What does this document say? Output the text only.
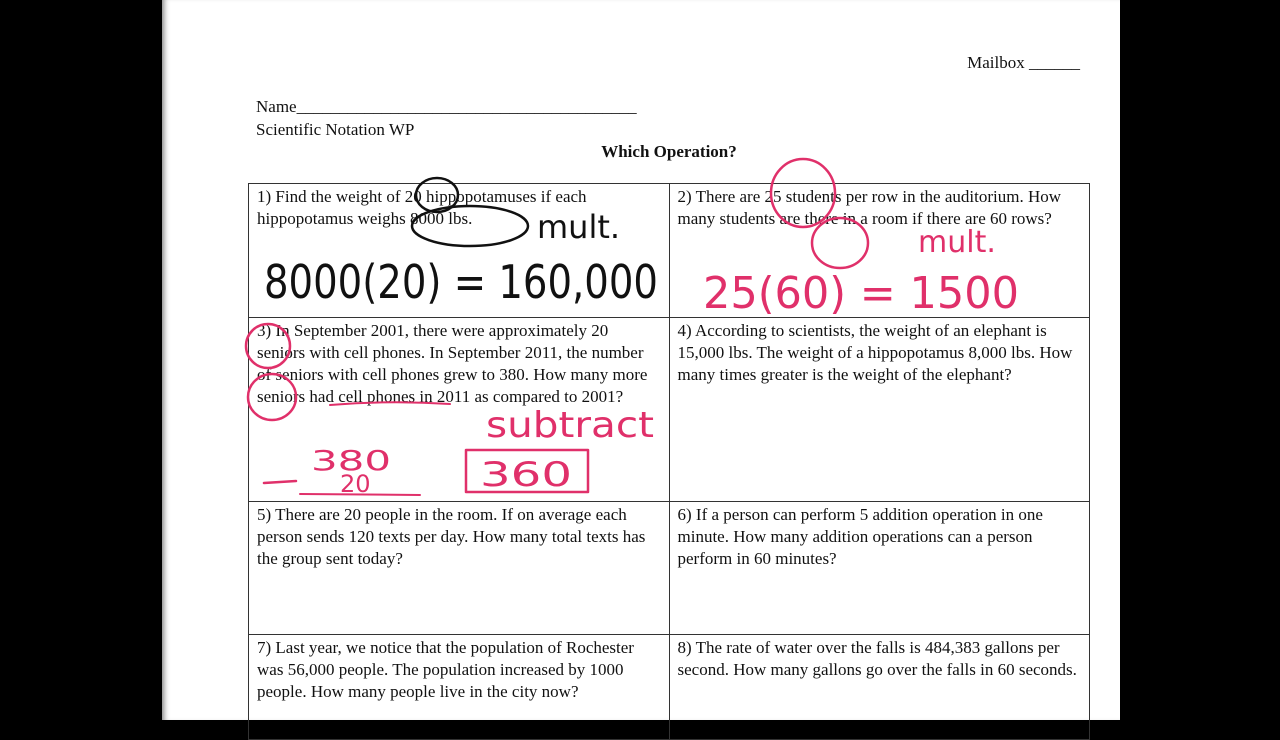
Mailbox ______
Name________________________________________
Scientific Notation WP
Which Operation?
1) Find the weight of 20 hippopotamuses if each hippopotamus weighs 8000 lbs.	2) There are 25 students per row in the auditorium. How many students are there in a room if there are 60 rows?
3) In September 2001, there were approximately 20 seniors with cell phones. In September 2011, the number of seniors with cell phones grew to 380. How many more seniors had cell phones in 2011 as compared to 2001?	4) According to scientists, the weight of an elephant is 15,000 lbs. The weight of a hippopotamus 8,000 lbs. How many times greater is the weight of the elephant?
5) There are 20 people in the room. If on average each person sends 120 texts per day. How many total texts has the group sent today?	6) If a person can perform 5 addition operation in one minute. How many addition operations can a person perform in 60 minutes?
7) Last year, we notice that the population of Rochester was 56,000 people. The population increased by 1000 people. How many people live in the city now?	8) The rate of water over the falls is 484,383 gallons per second. How many gallons go over the falls in 60 seconds.
mult.
8000(20) = 160,000
mult.
25(60) = 1500
subtract
380
20	360
